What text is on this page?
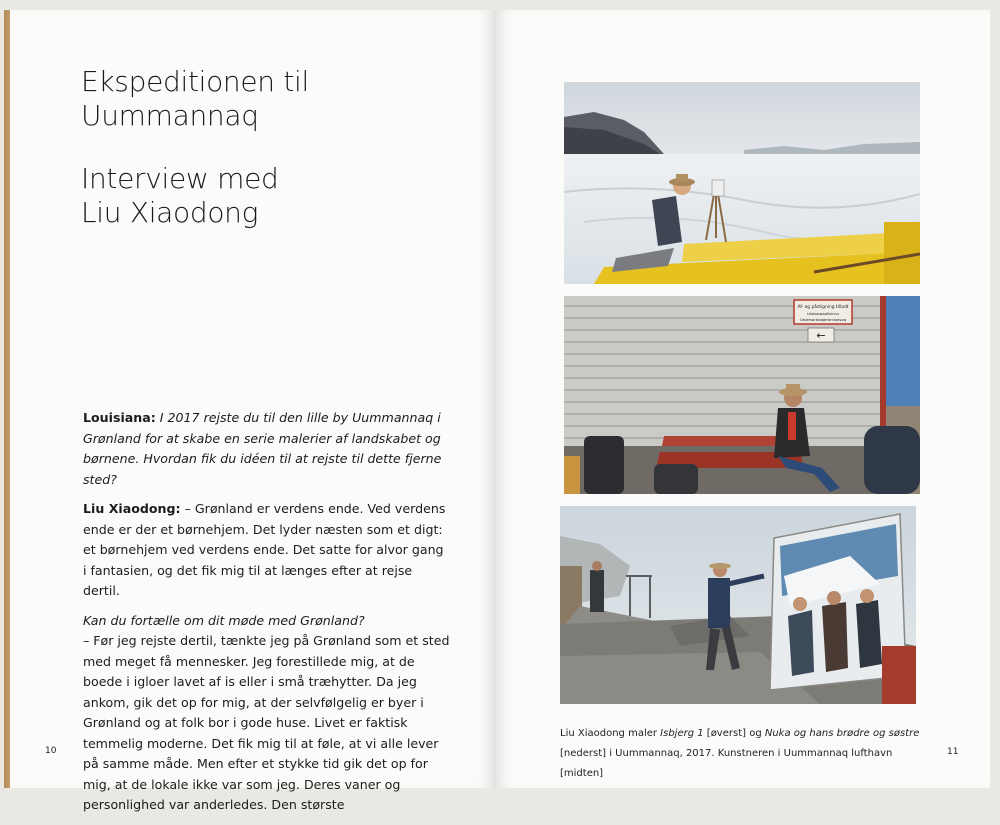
Ekspeditionen til
Uummannaq
Interview med
Liu Xiaodong

Louisiana: I 2017 rejste du til den lille by Uummannaq i Grønland for at skabe en serie malerier af landskabet og børnene. Hvordan fik du idéen til at rejste til dette fjerne sted?

Liu Xiaodong: – Grønland er verdens ende. Ved verdens ende er der et børnehjem. Det lyder næsten som et digt: et børnehjem ved verdens ende. Det satte for alvor gang i fantasien, og det fik mig til at længes efter at rejse dertil.

Kan du fortælle om dit møde med Grønland?
– Før jeg rejste dertil, tænkte jeg på Grønland som et sted med meget få mennesker. Jeg forestillede mig, at de boede i igloer lavet af is eller i små træhytter. Da jeg ankom, gik det op for mig, at der selvfølgelig er byer i Grønland og at folk bor i gode huse. Livet er faktisk temmelig moderne. Det fik mig til at føle, at vi alle lever på samme måde. Men efter et stykke tid gik det op for mig, at de lokale ikke var som jeg. Deres vaner og personlighed var anderledes. Den største

10
Af- og påstigning tilladt
Ussisoqsaalluinnu
Uisiersortoqqersinnaavoq
←
Liu Xiaodong maler Isbjerg 1 [øverst] og Nuka og hans brødre og søstre [nederst] i Uummannaq, 2017. Kunstneren i Uummannaq lufthavn [midten]
11
